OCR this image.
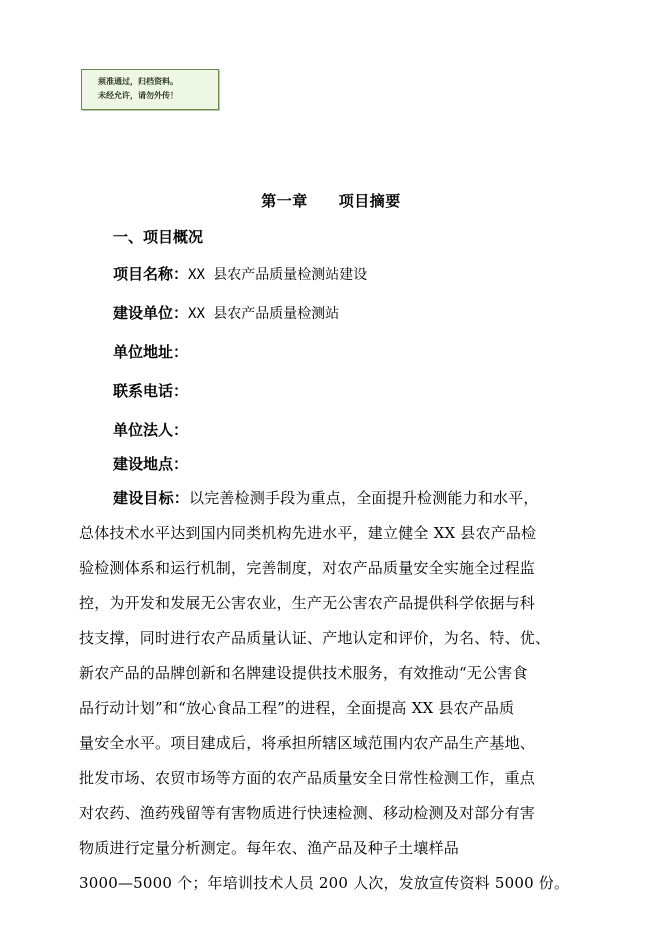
须准通过，归档资料。
未经允许，请勿外传！
第一章　　项目摘要
一、项目概况
项目名称：XX 县农产品质量检测站建设
建设单位：XX 县农产品质量检测站
单位地址：
联系电话：
单位法人：
建设地点：
建设目标：以完善检测手段为重点，全面提升检测能力和水平，
总体技术水平达到国内同类机构先进水平，建立健全 XX 县农产品检
验检测体系和运行机制，完善制度，对农产品质量安全实施全过程监
控，为开发和发展无公害农业，生产无公害农产品提供科学依据与科
技支撑，同时进行农产品质量认证、产地认定和评价，为名、特、优、
新农产品的品牌创新和名牌建设提供技术服务，有效推动“无公害食
品行动计划”和“放心食品工程”的进程，全面提高 XX 县农产品质
量安全水平。项目建成后，将承担所辖区域范围内农产品生产基地、
批发市场、农贸市场等方面的农产品质量安全日常性检测工作，重点
对农药、渔药残留等有害物质进行快速检测、移动检测及对部分有害
物质进行定量分析测定。每年农、渔产品及种子土壤样品
3000—5000 个；年培训技术人员 200 人次，发放宣传资料 5000 份。
